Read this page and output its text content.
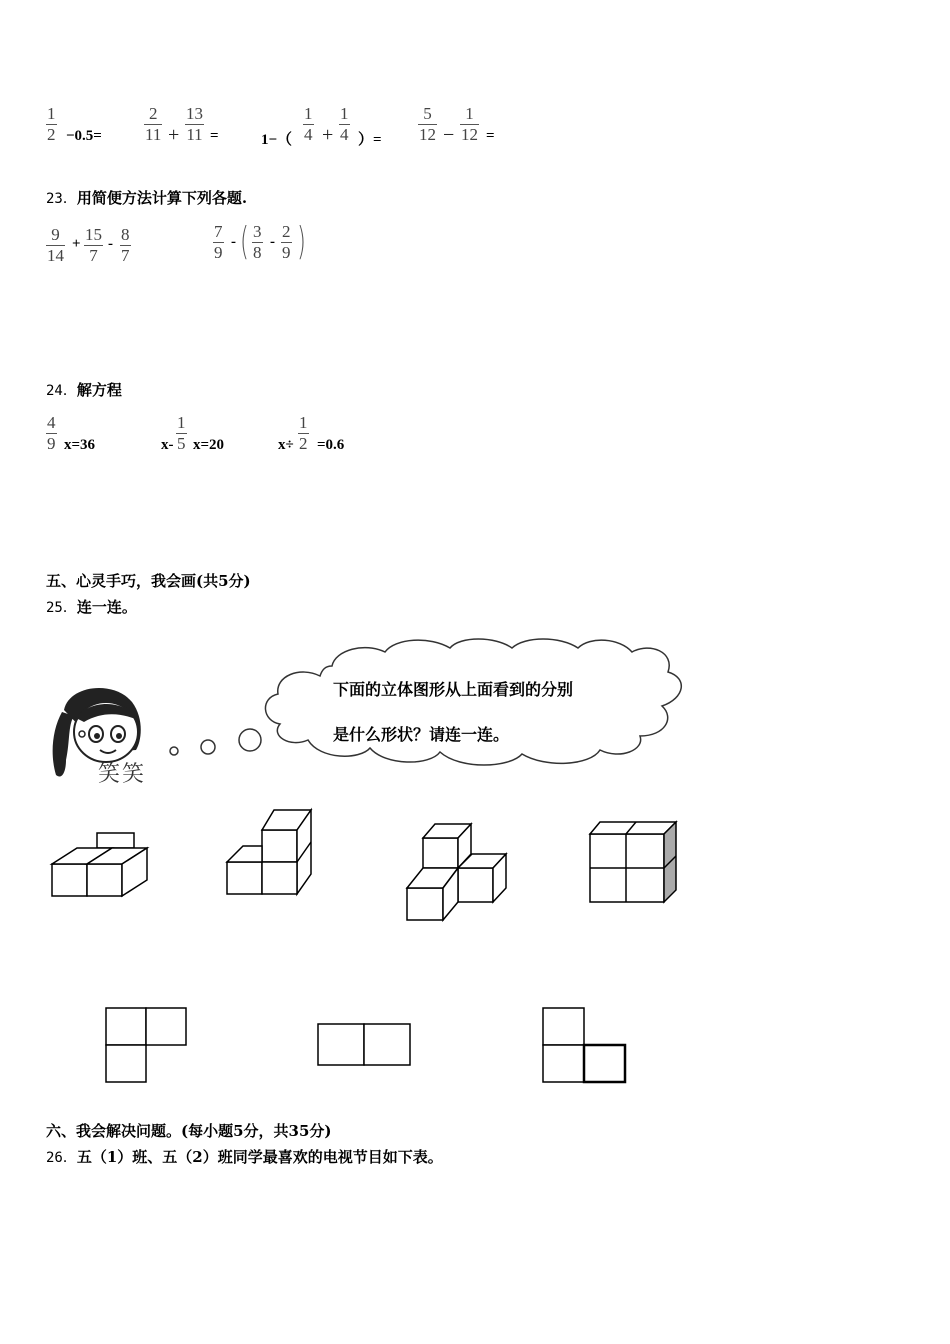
$\frac{1}{2} -0.5= \frac{2}{11} + \frac{13}{11}$ =	$1-( \frac{1}{4} + \frac{1}{4}$ ）= $\frac{5}{12} - \frac{1}{12}$ =
23．用简便方法计算下列各题.
$\frac{9}{14} + \frac{15}{7} - \frac{8}{7}$	$\frac{7}{9}$ - ( $\frac{3}{8} - \frac{2}{9}$ )
24．解方程
$\frac{4}{9} x=36$	$x- \frac{1}{5} x=20$	$x\div \frac{1}{2} =0.6$
五、心灵手巧，我会画(共5分)
25．连一连。
笑笑
下面的立体图形从上面看到的分别
是什么形状？请连一连。
六、我会解决问题。(每小题5分，共35分)
26．五（1）班、五（2）班同学最喜欢的电视节目如下表。
